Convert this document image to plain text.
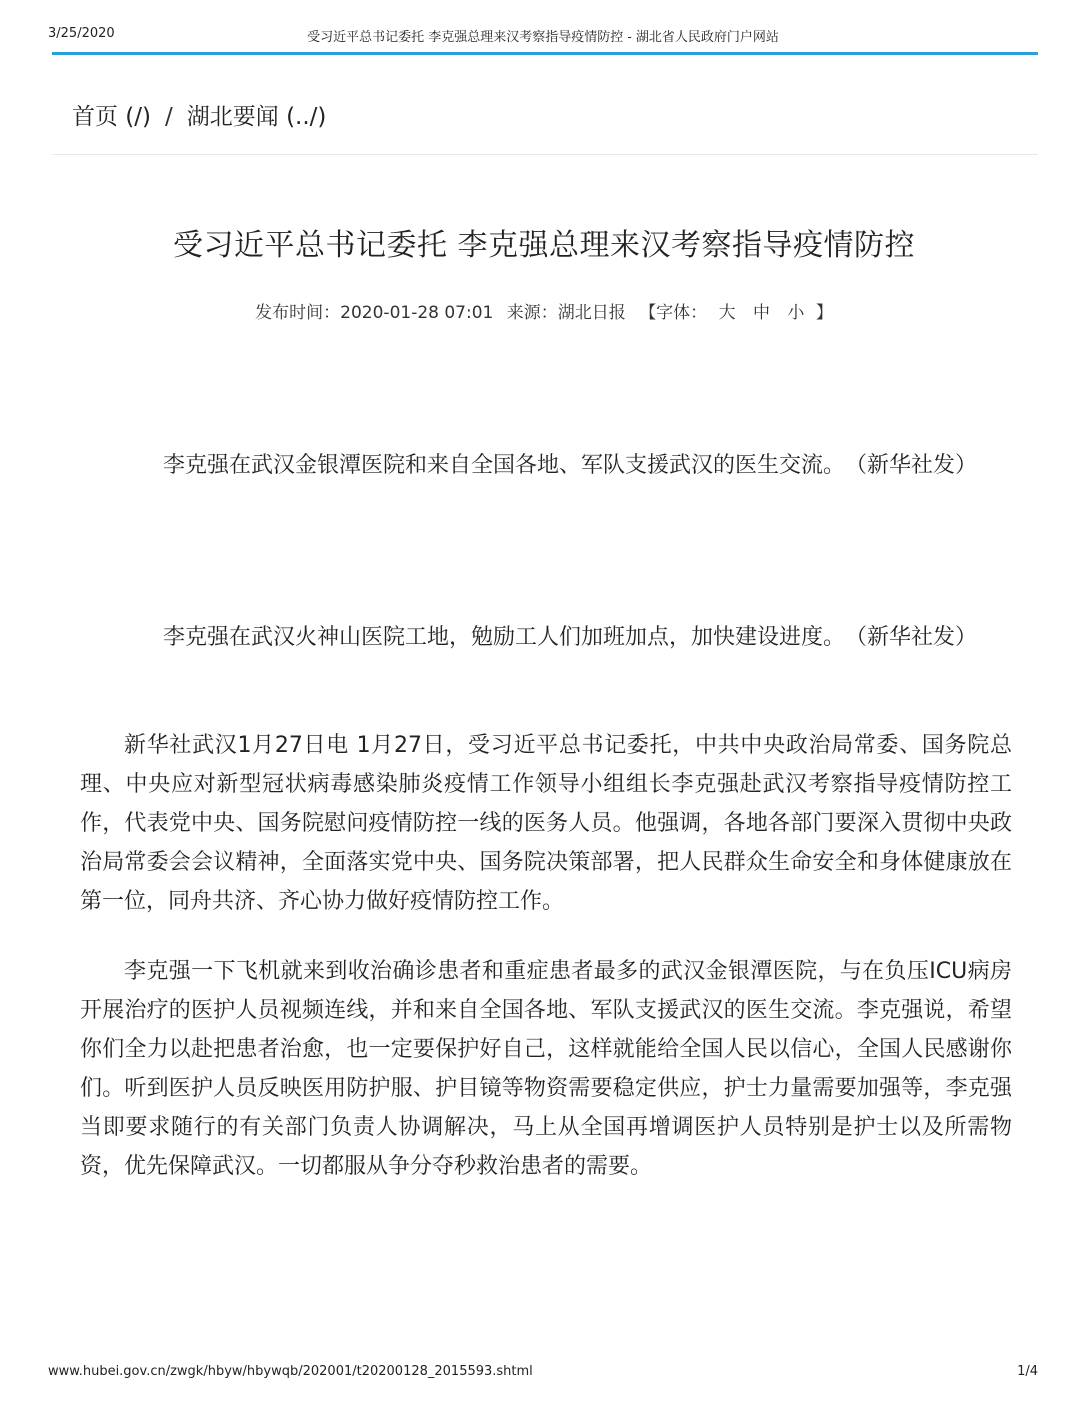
3/25/2020	受习近平总书记委托 李克强总理来汉考察指导疫情防控 - 湖北省人民政府门户网站
首页 (/) / 湖北要闻 (../)
受习近平总书记委托 李克强总理来汉考察指导疫情防控
发布时间：2020-01-28 07:01 来源：湖北日报 【字体： 大 中 小 】
李克强在武汉金银潭医院和来自全国各地、军队支援武汉的医生交流。　（新华社发）
李克强在武汉火神山医院工地，勉励工人们加班加点，加快建设进度。　（新华社发）

新华社武汉1月27日电 1月27日，受习近平总书记委托，中共中央政治局常委、国务院总理、中央应对新型冠状病毒感染肺炎疫情工作领导小组组长李克强赴武汉考察指导疫情防控工作，代表党中央、国务院慰问疫情防控一线的医务人员。他强调，各地各部门要深入贯彻中央政治局常委会会议精神，全面落实党中央、国务院决策部署，把人民群众生命安全和身体健康放在第一位，同舟共济、齐心协力做好疫情防控工作。

李克强一下飞机就来到收治确诊患者和重症患者最多的武汉金银潭医院，与在负压ICU病房开展治疗的医护人员视频连线，并和来自全国各地、军队支援武汉的医生交流。李克强说，希望你们全力以赴把患者治愈，也一定要保护好自己，这样就能给全国人民以信心，全国人民感谢你们。听到医护人员反映医用防护服、护目镜等物资需要稳定供应，护士力量需要加强等，李克强当即要求随行的有关部门负责人协调解决，马上从全国再增调医护人员特别是护士以及所需物资，优先保障武汉。一切都服从争分夺秒救治患者的需要。

www.hubei.gov.cn/zwgk/hbyw/hbywqb/202001/t20200128_2015593.shtml	1/4
